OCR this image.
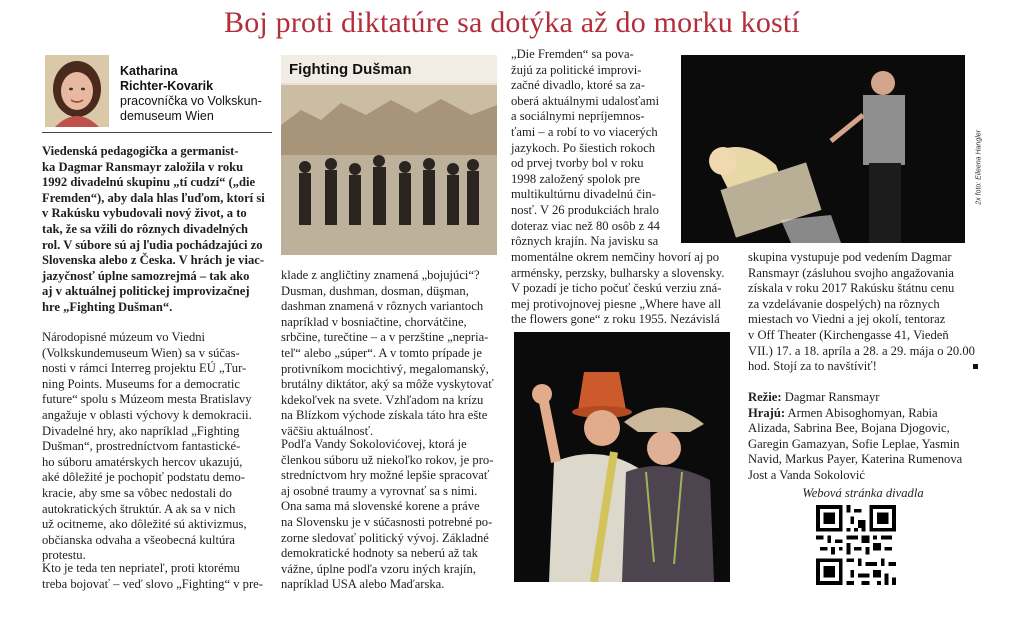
Boj proti diktatúre sa dotýka až do morku kostí
Katharina
Richter-Kovarik
pracovníčka vo Volkskun-
demuseum Wien
Viedenská pedagogička a germanist-
ka Dagmar Ransmayr založila v roku
1992 divadelnú skupinu „tí cudzí“ („die
Fremden“), aby dala hlas ľuďom, ktorí si
v Rakúsku vybudovali nový život, a to
tak, že sa vžili do rôznych divadelných
rol. V súbore sú aj ľudia pochádzajúci zo
Slovenska alebo z Česka. V hrách je viac-
jazyčnosť úplne samozrejmá – tak ako
aj v aktuálnej politickej improvizačnej
hre „Fighting Dušman“.
Národopisné múzeum vo Viedni
(Volkskundemuseum Wien) sa v súčas-
nosti v rámci Interreg projektu EÚ „Tur-
ning Points. Museums for a democratic
future“ spolu s Múzeom mesta Bratislavy
angažuje v oblasti výchovy k demokracii.
Divadelné hry, ako napríklad „Fighting
Dušman“, prostredníctvom fantastické-
ho súboru amatérskych hercov ukazujú,
aké dôležité je pochopiť podstatu demo-
kracie, aby sme sa vôbec nedostali do
autokratických štruktúr. A ak sa v nich
už ocitneme, ako dôležité sú aktivizmus,
občianska odvaha a všeobecná kultúra
protestu.
Kto je teda ten nepriateľ, proti ktorému
treba bojovať – veď slovo „Fighting“ v pre-
Fighting Dušman
klade z angličtiny znamená „bojujúci“?
Dusman, dushman, dosman, düşman,
dashman znamená v rôznych variantoch
napríklad v bosniačtine, chorvátčine,
srbčine, turečtine – a v perzštine „nepria-
teľ“ alebo „súper“. A v tomto prípade je
protivníkom mocichtivý, megalomanský,
brutálny diktátor, aký sa môže vyskytovať
kdekoľvek na svete. Vzhľadom na krízu
na Blízkom východe získala táto hra ešte
väčšiu aktuálnosť.
Podľa Vandy Sokolovićovej, ktorá je
členkou súboru už niekoľko rokov, je pro-
stredníctvom hry možné lepšie spracovať
aj osobné traumy a vyrovnať sa s nimi.
Ona sama má slovenské korene a práve
na Slovensku je v súčasnosti potrebné po-
zorne sledovať politický vývoj. Základné
demokratické hodnoty sa neberú až tak
vážne, úplne podľa vzoru iných krajín,
napríklad USA alebo Maďarska.
„Die Fremden“ sa pova-
žujú za politické improvi-
začné divadlo, ktoré sa za-
oberá aktuálnymi udalosťami
a sociálnymi nepríjemnos-
ťami – a robí to vo viacerých
jazykoch. Po šiestich rokoch
od prvej tvorby bol v roku
1998 založený spolok pre
multikultúrnu divadelnú čin-
nosť. V 26 produkciách hralo
doteraz viac než 80 osôb z 44
rôznych krajín. Na javisku sa
momentálne okrem nemčiny hovorí aj po
arménsky, perzsky, bulharsky a slovensky.
V pozadí je ticho počuť českú verziu zná-
mej protivojnovej piesne „Where have all
the flowers gone“ z roku 1955. Nezávislá
2x foto: Eileena Hangler
skupina vystupuje pod vedením Dagmar
Ransmayr (zásluhou svojho angažovania
získala v roku 2017 Rakúsku štátnu cenu
za vzdelávanie dospelých) na rôznych
miestach vo Viedni a jej okolí, tentoraz
v Off Theater (Kirchengasse 41, Viedeň
VII.) 17. a 18. apríla a 28. a 29. mája o 20.00
hod. Stojí za to navštíviť!
Režie: Dagmar Ransmayr
Hrajú: Armen Abisoghomyan, Rabia
Alizada, Sabrina Bee, Bojana Djogovic,
Garegin Gamazyan, Sofie Leplae, Yasmin
Navid, Markus Payer, Katerina Rumenova
Jost a Vanda Sokolović
Webová stránka divadla
